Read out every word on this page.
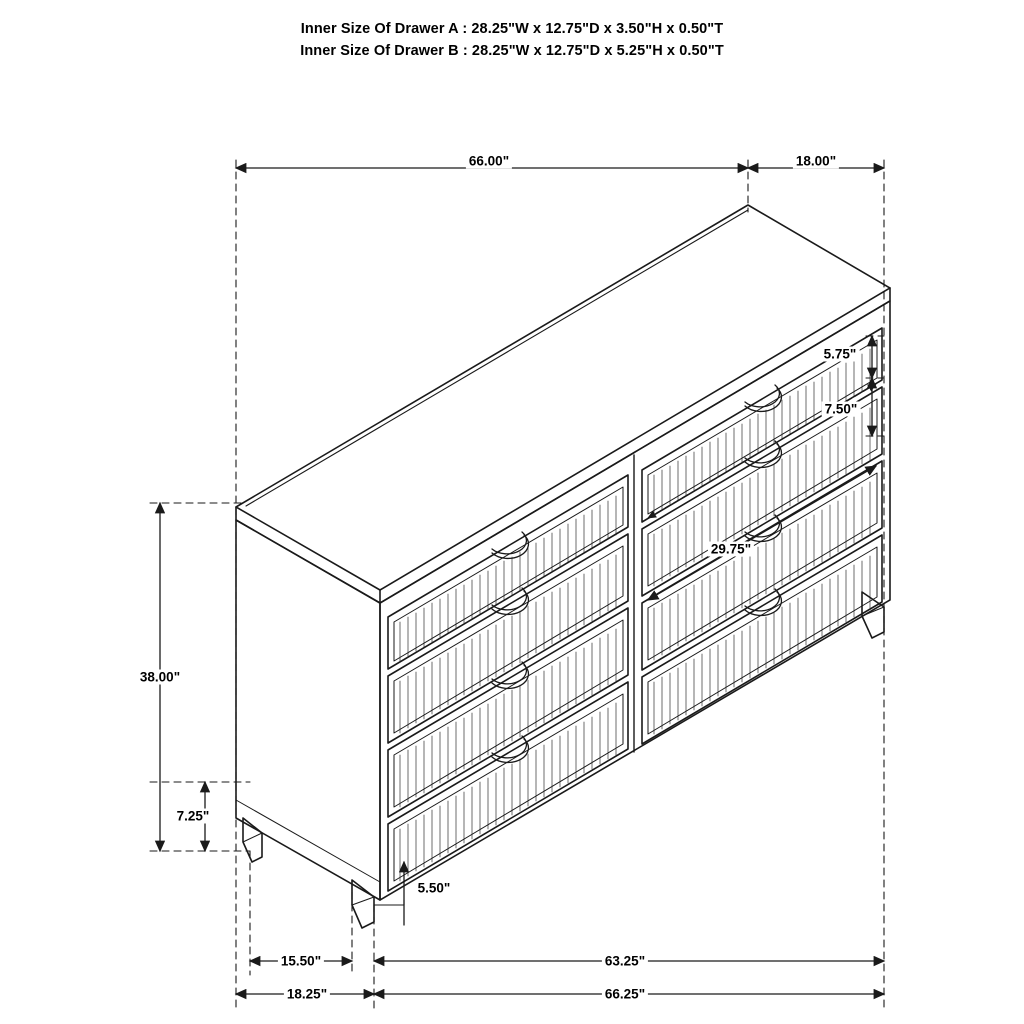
Inner Size Of Drawer A : 28.25"W x 12.75"D x 3.50"H x 0.50"T
Inner Size Of Drawer B : 28.25"W x 12.75"D x 5.25"H x 0.50"T
66.00"	18.00"
5.75"
7.50"
29.75"
38.00"
7.25"
5.50"
15.50"	63.25"
18.25"	66.25"
